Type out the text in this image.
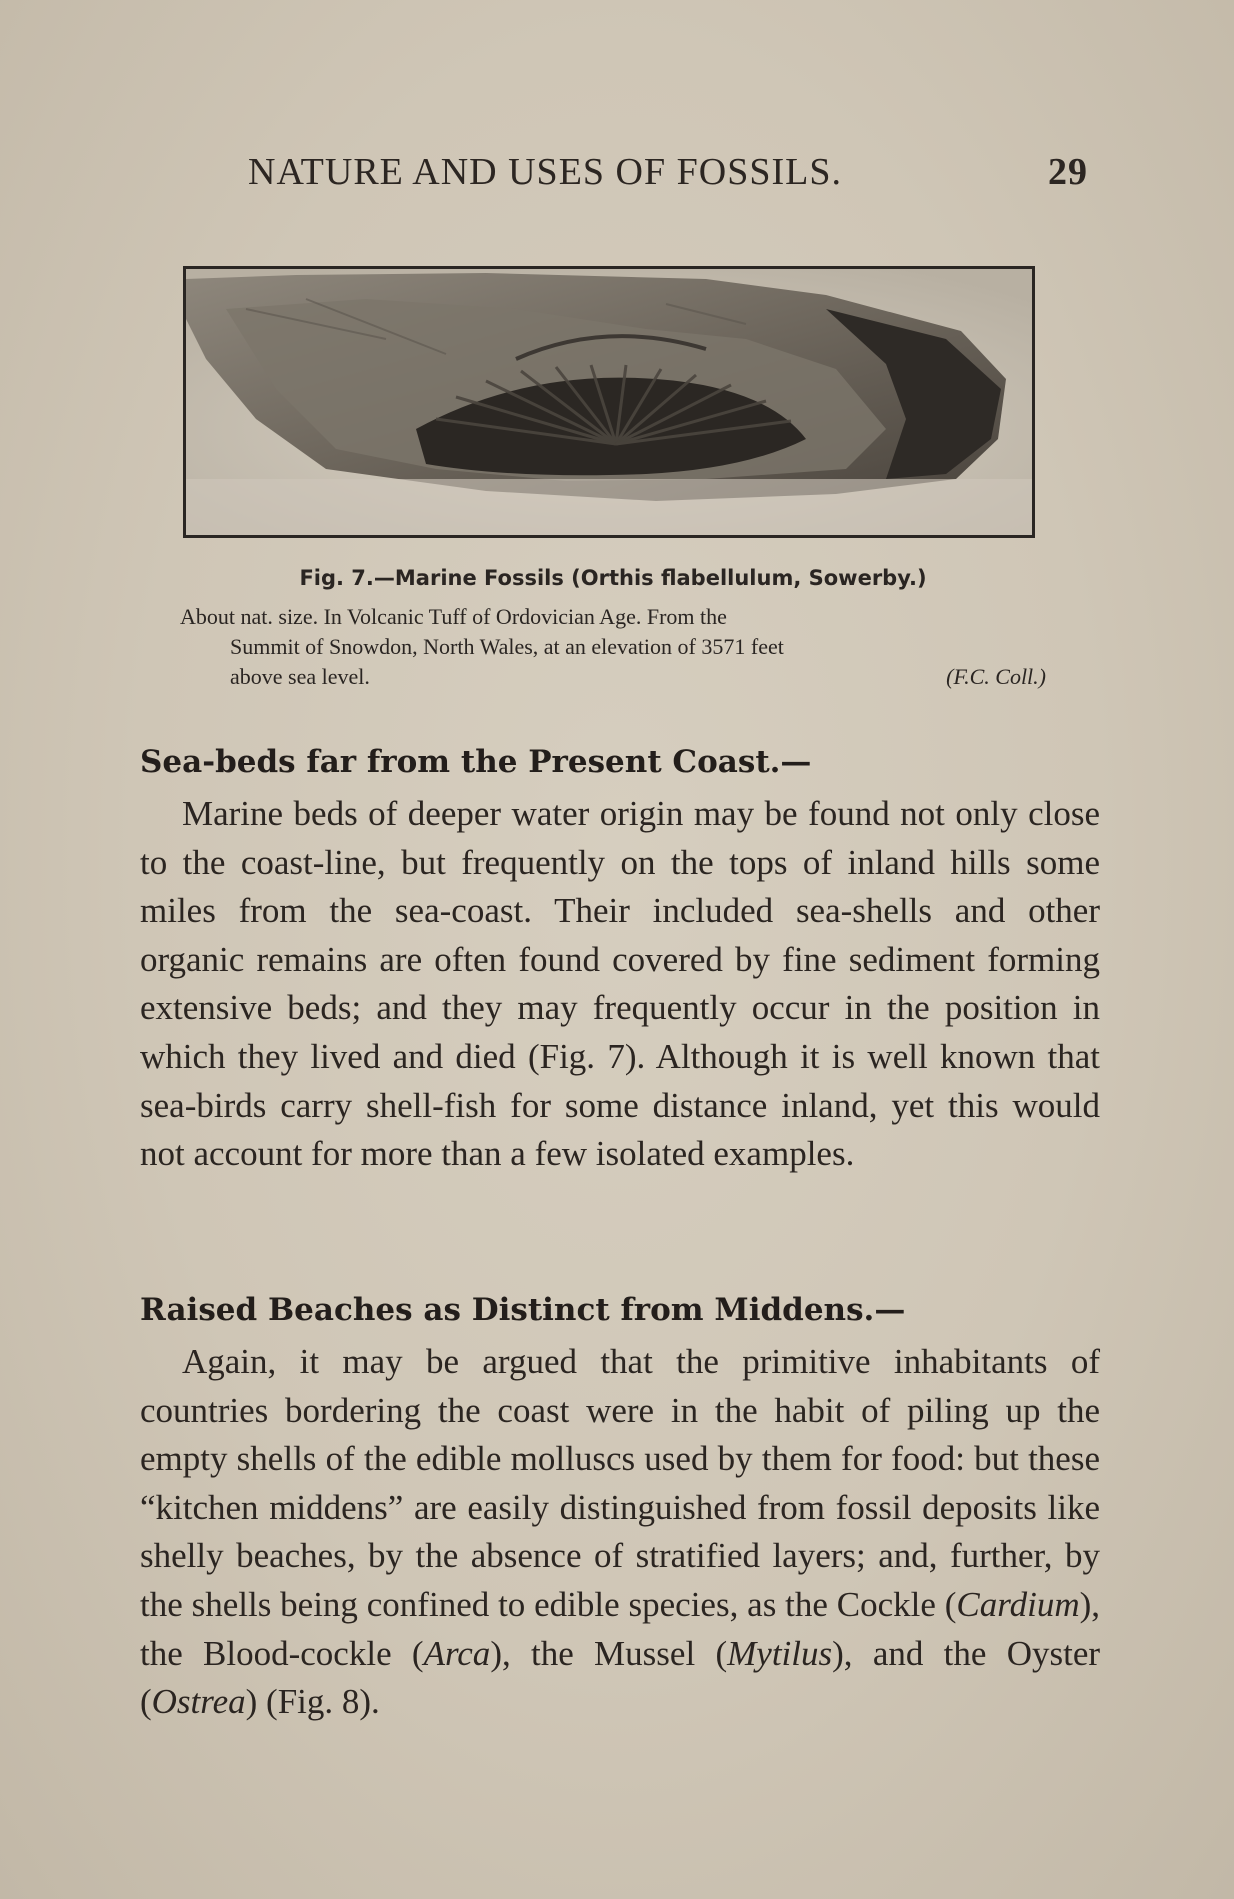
NATURE AND USES OF FOSSILS.	29
Fig. 7.—Marine Fossils (Orthis flabellulum, Sowerby.)
About nat. size. In Volcanic Tuff of Ordovician Age. From the
Summit of Snowdon, North Wales, at an elevation of 3571 feet
above sea level.	(F.C. Coll.)
Sea-beds far from the Present Coast.—
Marine beds of deeper water origin may be found not only close to the coast-line, but frequently on the tops of inland hills some miles from the sea-coast. Their included sea-shells and other organic remains are often found covered by fine sediment forming extensive beds; and they may frequently occur in the position in which they lived and died (Fig. 7). Although it is well known that sea-birds carry shell-fish for some distance inland, yet this would not account for more than a few isolated examples.
Raised Beaches as Distinct from Middens.—
Again, it may be argued that the primitive inhabitants of countries bordering the coast were in the habit of piling up the empty shells of the edible molluscs used by them for food: but these “kitchen middens” are easily distinguished from fossil deposits like shelly beaches, by the absence of stratified layers; and, further, by the shells being confined to edible species, as the Cockle (Cardium), the Blood-cockle (Arca), the Mussel (Mytilus), and the Oyster (Ostrea) (Fig. 8).
